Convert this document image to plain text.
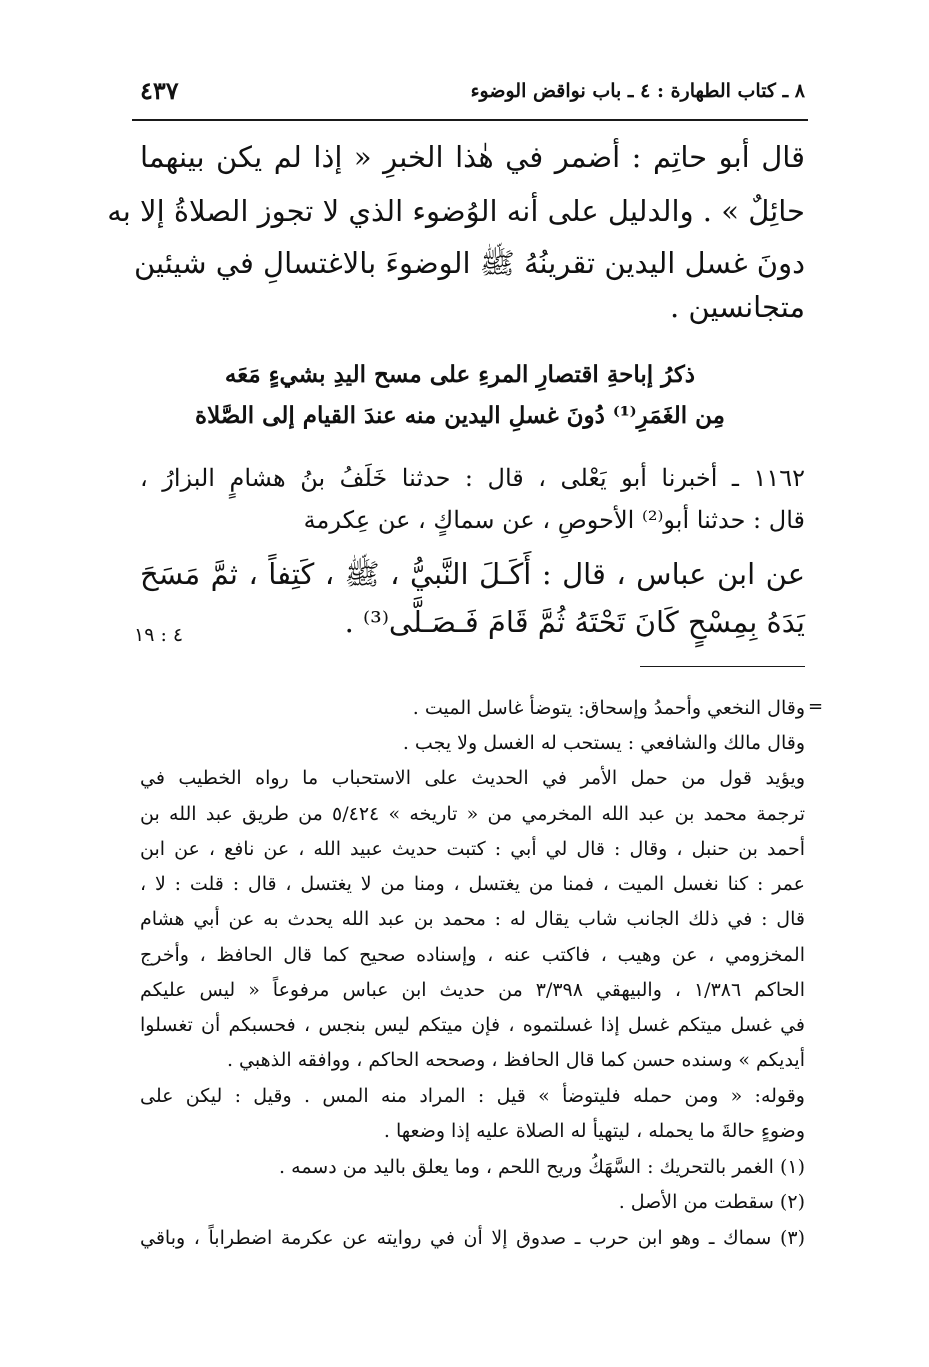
٨ ـ كتاب الطهارة : ٤ ـ باب نواقض الوضوء
٤٣٧
قال أبو حاتِم : أضمر في هٰذا الخبرِ « إذا لم يكن بينهما
حائِلٌ » . والدليل على أنه الوُضوء الذي لا تجوز الصلاةُ إلا به
دونَ غسل اليدين تقرينُهُ ﷺ الوضوءَ بالاغتسالِ في شيئين
متجانسين .
ذكرُ إباحةِ اقتصارِ المرءِ على مسح اليدِ بشيءٍ مَعَه
مِن الغَمَرِ⁽¹⁾ دُونَ غسلِ اليدين منه عندَ القيام إلى الصَّلاة
١١٦٢ ـ أخبرنا أبو يَعْلى ، قال : حدثنا خَلَفُ بنُ هشامٍ البزارُ ،
قال : حدثنا أبو⁽²⁾ الأحوصِ ، عن سماكٍ ، عن عِكرمة
عن ابن عباس ، قال : أَكَـلَ النَّبيُّ ، ﷺ ، كَتِفاً ، ثمَّ مَسَحَ
يَدَهُ بِمِسْحٍ كَانَ تَحْتَهُ ثُمَّ قَامَ فَـصَـلَّى⁽³⁾ .
٤ : ١٩
=
وقال النخعي وأحمدُ وإسحاق: يتوضأ غاسل الميت .
وقال مالك والشافعي : يستحب له الغسل ولا يجب .
ويؤيد قول من حمل الأمر في الحديث على الاستحباب ما رواه الخطيب في
ترجمة محمد بن عبد الله المخرمي من « تاريخه » ٥/٤٢٤ من طريق عبد الله بن
أحمد بن حنبل ، وقال : قال لي أبي : كتبت حديث عبيد الله ، عن نافع ، عن ابن
عمر : كنا نغسل الميت ، فمنا من يغتسل ، ومنا من لا يغتسل ، قال : قلت : لا ،
قال : في ذلك الجانب شاب يقال له : محمد بن عبد الله يحدث به عن أبي هشام
المخزومي ، عن وهيب ، فاكتب عنه ، وإسناده صحيح كما قال الحافظ ، وأخرج
الحاكم ١/٣٨٦ ، والبيهقي ٣/٣٩٨ من حديث ابن عباس مرفوعاً « ليس عليكم
في غسل ميتكم غسل إذا غسلتموه ، فإن ميتكم ليس بنجس ، فحسبكم أن تغسلوا
أيديكم » وسنده حسن كما قال الحافظ ، وصححه الحاكم ، ووافقه الذهبي .
وقوله: « ومن حمله فليتوضأ » قيل : المراد منه المس . وقيل : ليكن على
وضوءٍ حالةَ ما يحمله ، ليتهيأ له الصلاة عليه إذا وضعها .
(١) الغمر بالتحريك : السَّهَكُ وريح اللحم ، وما يعلق باليد من دسمه .
(٢) سقطت من الأصل .
(٣) سماك ـ وهو ابن حرب ـ صدوق إلا أن في روايته عن عكرمة اضطراباً ، وباقي
